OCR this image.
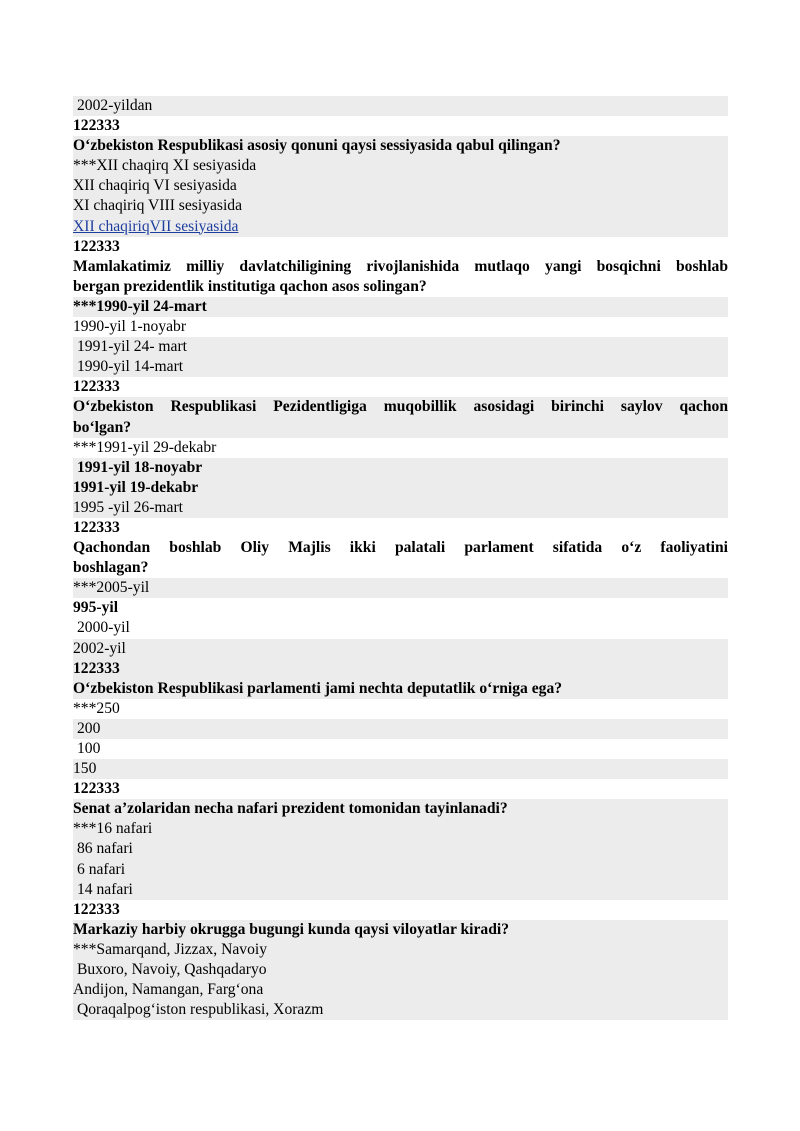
2002-yildan
122333
O‘zbekiston Respublikasi asosiy qonuni qaysi sessiyasida qabul qilingan?
***XII chaqirq XI sesiyasida
XII chaqiriq VI sesiyasida
XI chaqiriq VIII sesiyasida
XII chaqiriqVII sesiyasida
122333
Mamlakatimiz milliy davlatchiligining rivojlanishida mutlaqo yangi bosqichni boshlab
bergan prezidentlik institutiga qachon asos solingan?
***1990-yil 24-mart
1990-yil 1-noyabr
1991-yil 24- mart
1990-yil 14-mart
122333
O‘zbekiston Respublikasi Pezidentligiga muqobillik asosidagi birinchi saylov qachon
bo‘lgan?
***1991-yil 29-dekabr
1991-yil 18-noyabr
1991-yil 19-dekabr
1995 -yil 26-mart
122333
Qachondan boshlab Oliy Majlis ikki palatali parlament sifatida o‘z faoliyatini
boshlagan?
***2005-yil
995-yil
2000-yil
2002-yil
122333
O‘zbekiston Respublikasi parlamenti jami nechta deputatlik o‘rniga ega?
***250
200
100
150
122333
Senat a’zolaridan necha nafari prezident tomonidan tayinlanadi?
***16 nafari
86 nafari
6 nafari
14 nafari
122333
Markaziy harbiy okrugga bugungi kunda qaysi viloyatlar kiradi?
***Samarqand, Jizzax, Navoiy
Buxoro, Navoiy, Qashqadaryo
Andijon, Namangan, Farg‘ona
Qoraqalpog‘iston respublikasi, Xorazm
